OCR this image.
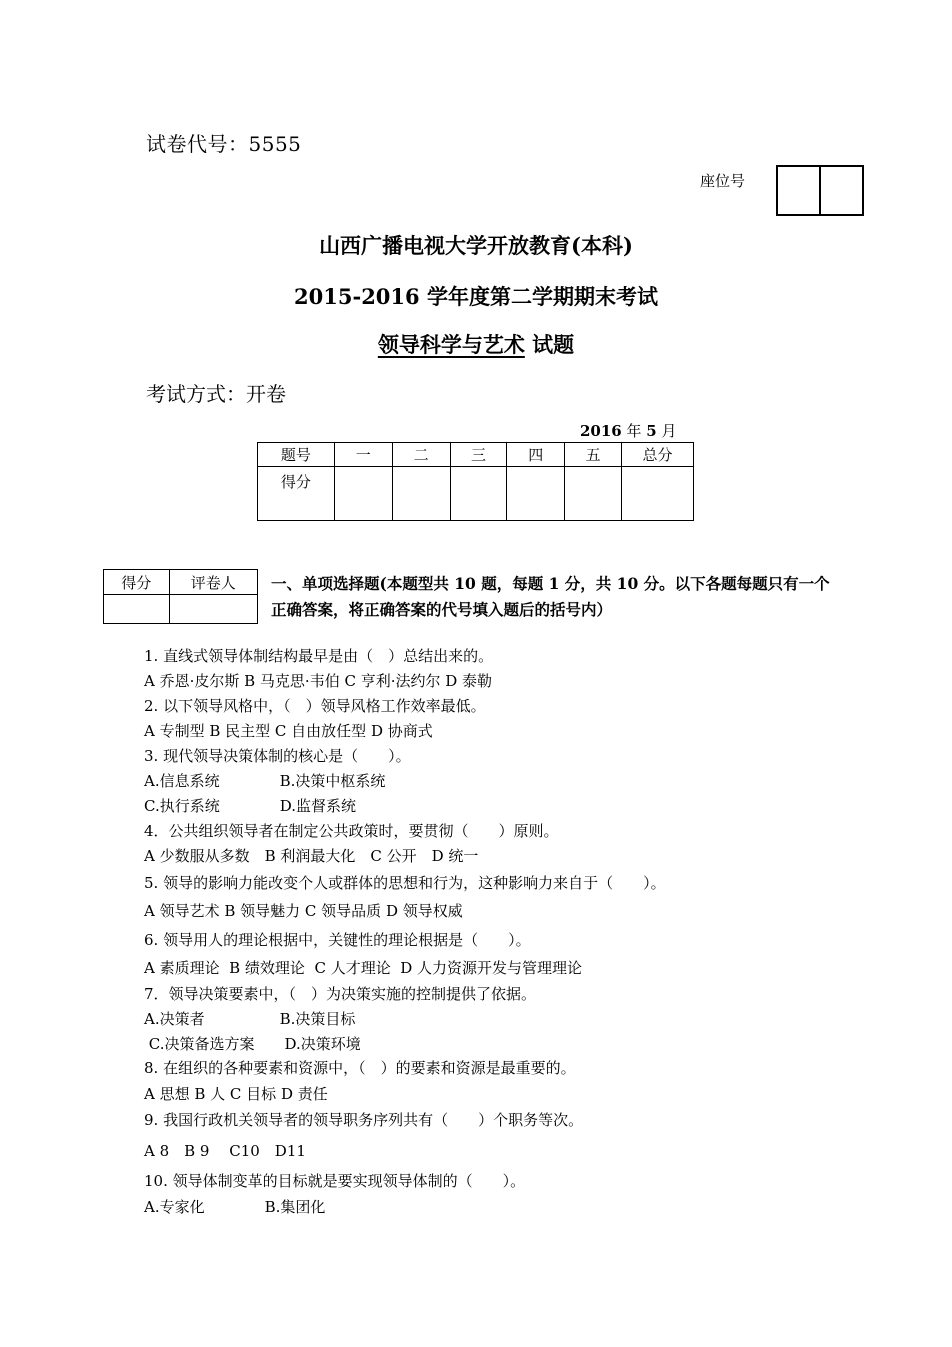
试卷代号：5555
座位号
山西广播电视大学开放教育(本科)
2015-2016 学年度第二学期期末考试
领导科学与艺术 试题
考试方式：开卷
2016 年 5 月
题号	一	二	三	四	五	总分
得分						
得分	评卷人
	一、单项选择题(本题型共 10 题，每题 1 分，共 10 分。以下各题每题只有一个正确答案，将正确答案的代号填入题后的括号内）
1. 直线式领导体制结构最早是由（　）总结出来的。
A 乔恩·皮尔斯 B 马克思·韦伯 C 亨利·法约尔 D 泰勒
2. 以下领导风格中，（　）领导风格工作效率最低。
A 专制型 B 民主型 C 自由放任型 D 协商式
3. 现代领导决策体制的核心是（　　）。
A.信息系统　　　　B.决策中枢系统
C.执行系统　　　　D.监督系统
4．公共组织领导者在制定公共政策时，要贯彻（　　）原则。
A 少数服从多数　B 利润最大化　C 公开　D 统一
5. 领导的影响力能改变个人或群体的思想和行为，这种影响力来自于（　　）。
A 领导艺术 B 领导魅力 C 领导品质 D 领导权威
6. 领导用人的理论根据中，关键性的理论根据是（　　）。
A 素质理论  B 绩效理论  C 人才理论  D 人力资源开发与管理理论
7．领导决策要素中，（　）为决策实施的控制提供了依据。
A.决策者　　　　　B.决策目标
C.决策备选方案　　D.决策环境
8. 在组织的各种要素和资源中，（　）的要素和资源是最重要的。
A 思想 B 人 C 目标 D 责任
9. 我国行政机关领导者的领导职务序列共有（　　）个职务等次。
A 8　B 9　 C10　D11
10. 领导体制变革的目标就是要实现领导体制的（　　）。
A.专家化　　　　B.集团化
